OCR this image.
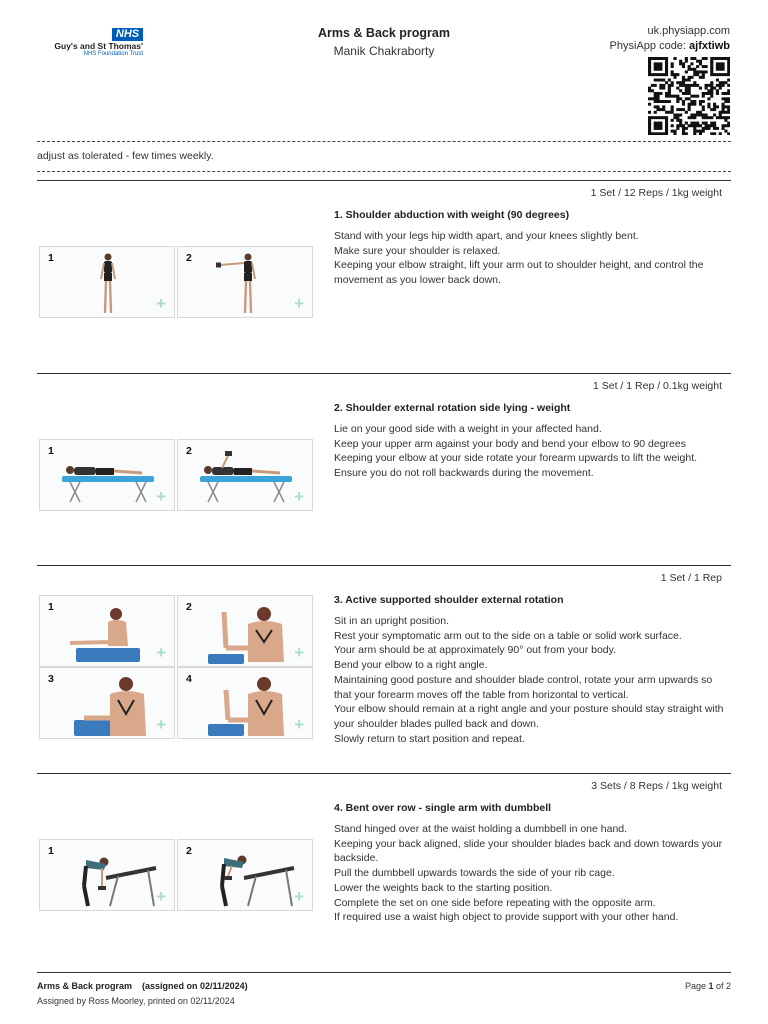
NHS
Guy's and St Thomas'
NHS Foundation Trust
Arms & Back program
Manik Chakraborty
uk.physiapp.com
PhysiApp code: ajfxtiwb
adjust as tolerated - few times weekly.
1 Set / 12 Reps / 1kg weight
1. Shoulder abduction with weight (90 degrees)
Stand with your legs hip width apart, and your knees slightly bent.
Make sure your shoulder is relaxed.
Keeping your elbow straight, lift your arm out to shoulder height, and control the movement as you lower back down.
1
+
2
+
1 Set / 1 Rep / 0.1kg weight
2. Shoulder external rotation side lying - weight
Lie on your good side with a weight in your affected hand.
Keep your upper arm against your body and bend your elbow to 90 degrees
Keeping your elbow at your side rotate your forearm upwards to lift the weight.
Ensure you do not roll backwards during the movement.
1
+
2
+
1 Set / 1 Rep
3. Active supported shoulder external rotation
Sit in an upright position.
Rest your symptomatic arm out to the side on a table or solid work surface.
Your arm should be at approximately 90° out from your body.
Bend your elbow to a right angle.
Maintaining good posture and shoulder blade control, rotate your arm upwards so that your forearm moves off the table from horizontal to vertical.
Your elbow should remain at a right angle and your posture should stay straight with your shoulder blades pulled back and down.
Slowly return to start position and repeat.
1
+
2
+
3
+
4
+
3 Sets / 8 Reps / 1kg weight
4. Bent over row - single arm with dumbbell
Stand hinged over at the waist holding a dumbbell in one hand.
Keeping your back aligned, slide your shoulder blades back and down towards your backside.
Pull the dumbbell upwards towards the side of your rib cage.
Lower the weights back to the starting position.
Complete the set on one side before repeating with the opposite arm.
If required use a waist high object to provide support with your other hand.
1
+
2
+
Arms & Back program    (assigned on 02/11/2024)
Assigned by Ross Moorley, printed on 02/11/2024
Page 1 of 2
